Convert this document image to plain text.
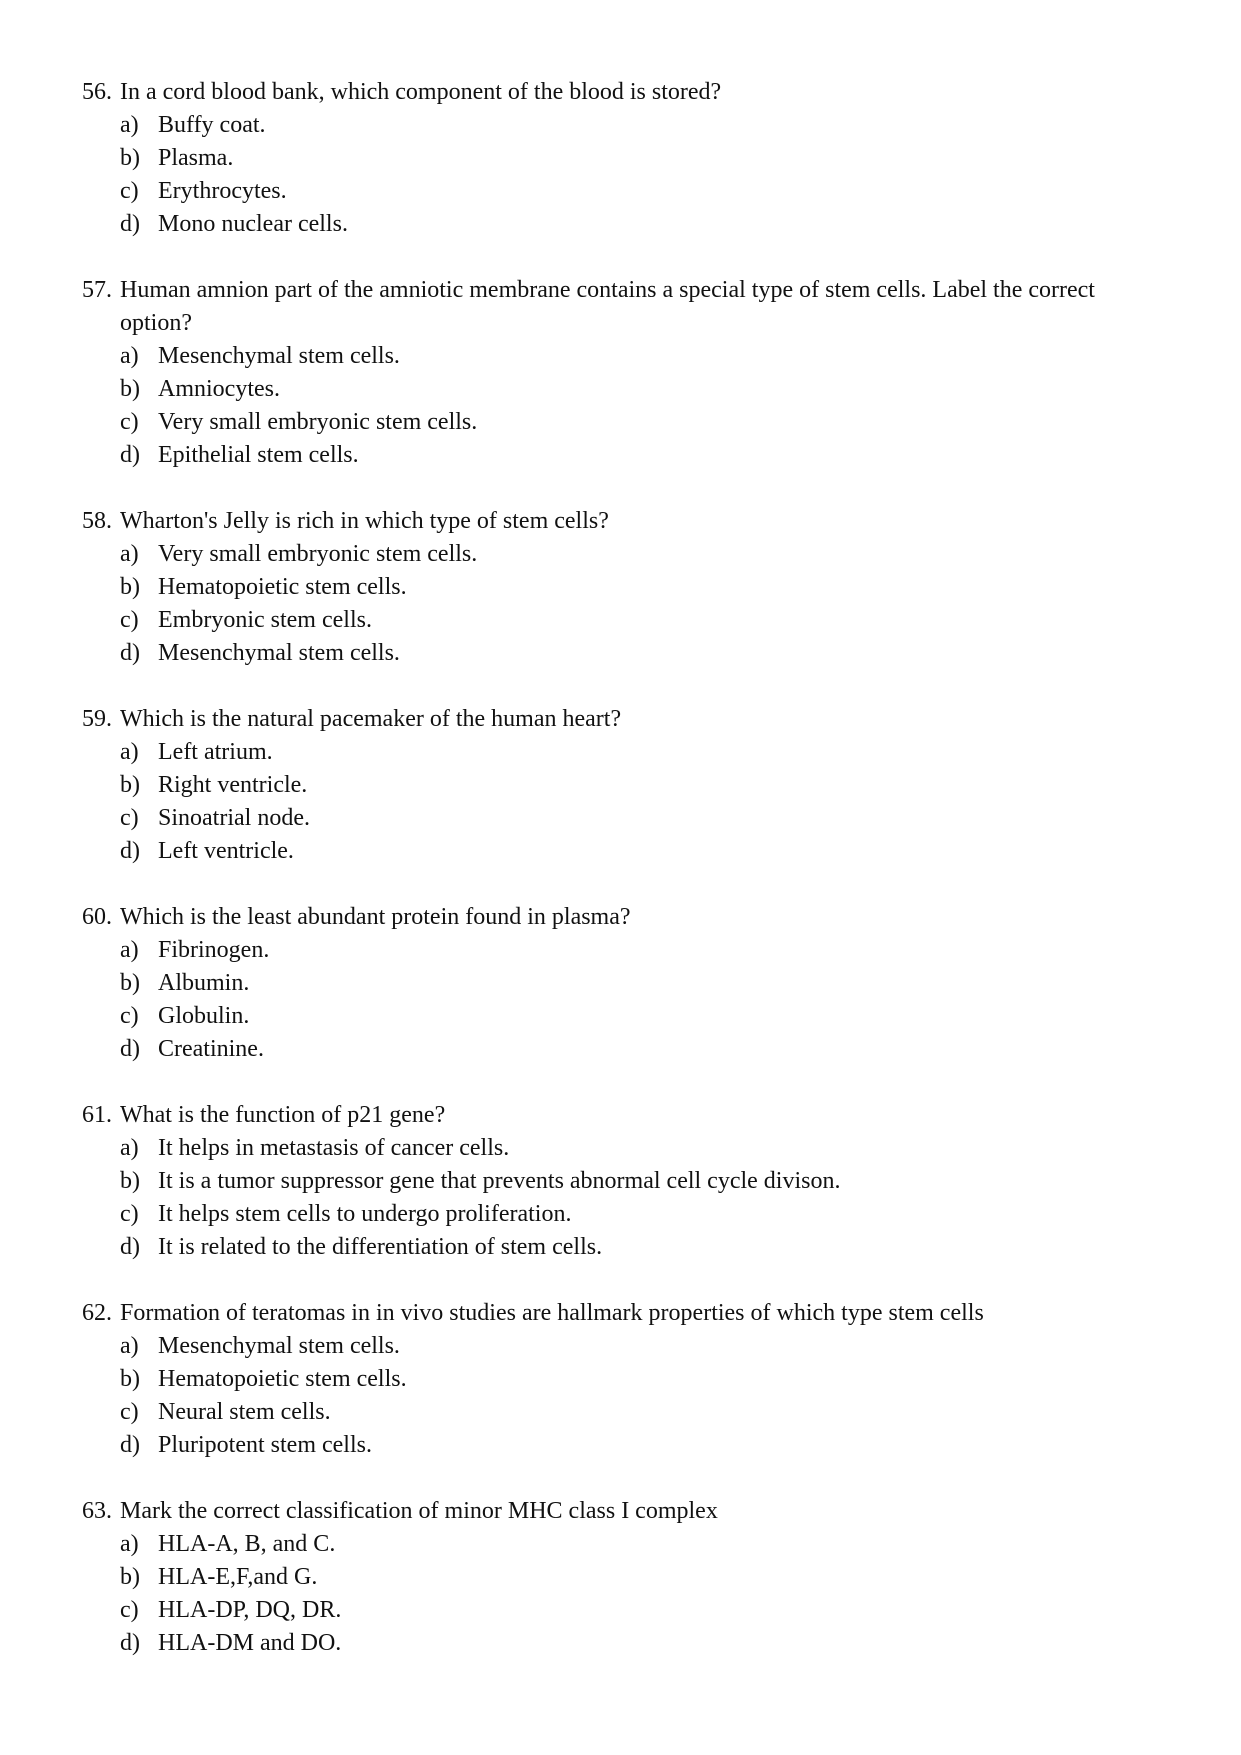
56. In a cord blood bank, which component of the blood is stored?
a) Buffy coat.
b) Plasma.
c) Erythrocytes.
d) Mono nuclear cells.
57. Human amnion part of the amniotic membrane contains a special type of stem cells. Label the correct option?
a) Mesenchymal stem cells.
b) Amniocytes.
c) Very small embryonic stem cells.
d) Epithelial stem cells.
58. Wharton's Jelly is rich in which type of stem cells?
a) Very small embryonic stem cells.
b) Hematopoietic stem cells.
c) Embryonic stem cells.
d) Mesenchymal stem cells.
59. Which is the natural pacemaker of the human heart?
a) Left atrium.
b) Right ventricle.
c) Sinoatrial node.
d) Left ventricle.
60. Which is the least abundant protein found in plasma?
a) Fibrinogen.
b) Albumin.
c) Globulin.
d) Creatinine.
61. What is the function of p21 gene?
a) It helps in metastasis of cancer cells.
b) It is a tumor suppressor gene that prevents abnormal cell cycle divison.
c) It helps stem cells to undergo proliferation.
d) It is related to the differentiation of stem cells.
62. Formation of teratomas in in vivo studies are hallmark properties of which type stem cells
a) Mesenchymal stem cells.
b) Hematopoietic stem cells.
c) Neural stem cells.
d) Pluripotent stem cells.
63. Mark the correct classification of minor MHC class I complex
a) HLA-A, B, and C.
b) HLA-E,F,and G.
c) HLA-DP, DQ, DR.
d) HLA-DM and DO.
